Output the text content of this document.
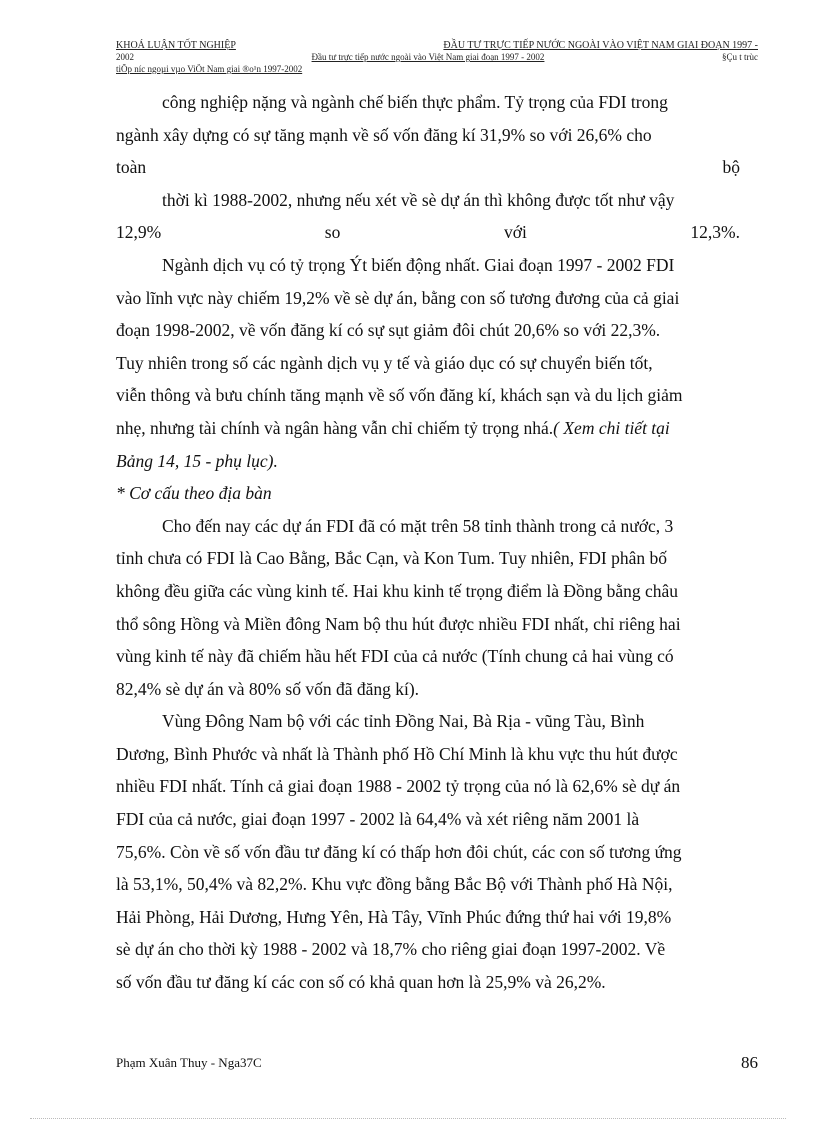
KHOÁ LUẬN TỐT NGHIỆP	ĐẦU TƯ TRỰC TIẾP NƯỚC NGOÀI VÀO VIỆT NAM GIAI ĐOẠN 1997 -
2002	Đầu tư trực tiếp nước ngoài vào Việt Nam giai đoạn 1997 - 2002	§Çu t trùc
tiÕp níc ngoµi vµo ViÖt Nam giai ®o¹n 1997-2002
công nghiệp nặng và ngành chế biến thực phẩm. Tỷ trọng của FDI trong
ngành xây dựng có sự tăng mạnh về số vốn đăng kí 31,9% so với 26,6% cho
toàn	bộ
thời kì 1988-2002, nhưng nếu xét về sè dự án thì không được tốt như vậy
12,9%	so	với	12,3%.
Ngành dịch vụ có tỷ trọng Ýt biến động nhất. Giai đoạn 1997 - 2002 FDI
vào lĩnh vực này chiếm 19,2% về sè dự án, bằng con số tương đương của cả giai
đoạn 1998-2002, về vốn đăng kí có sự sụt giảm đôi chút 20,6% so với 22,3%.
Tuy nhiên trong số các ngành dịch vụ y tế và giáo dục có sự chuyển biến tốt,
viễn thông và bưu chính tăng mạnh về số vốn đăng kí, khách sạn và du lịch giảm
nhẹ, nhưng tài chính và ngân hàng vẫn chỉ chiếm tỷ trọng nhá.( Xem chi tiết tại
Bảng 14, 15 - phụ lục).
* Cơ cấu theo địa bàn
Cho đến nay các dự án FDI đã có mặt trên 58 tỉnh thành trong cả nước, 3
tỉnh chưa có FDI là Cao Bằng, Bắc Cạn, và Kon Tum. Tuy nhiên, FDI phân bố
không đều giữa các vùng kinh tế. Hai khu kinh tế trọng điểm là Đồng bằng châu
thổ sông Hồng và Miền đông Nam bộ thu hút được nhiều FDI nhất, chỉ riêng hai
vùng kinh tế này đã chiếm hầu hết FDI của cả nước (Tính chung cả hai vùng có
82,4% sè dự án và 80% số vốn đã đăng kí).
Vùng Đông Nam bộ với các tỉnh Đồng Nai, Bà Rịa - vũng Tàu, Bình
Dương, Bình Phước và nhất là Thành phố Hồ Chí Minh là khu vực thu hút được
nhiều FDI nhất. Tính cả giai đoạn 1988 - 2002 tỷ trọng của nó là 62,6% sè dự án
FDI của cả nước, giai đoạn 1997 - 2002 là 64,4% và xét riêng năm 2001 là
75,6%. Còn về số vốn đầu tư đăng kí có thấp hơn đôi chút, các con số tương ứng
là 53,1%, 50,4% và 82,2%. Khu vực đồng bằng Bắc Bộ với Thành phố Hà Nội,
Hải Phòng, Hải Dương, Hưng Yên, Hà Tây, Vĩnh Phúc đứng thứ hai với 19,8%
sè dự án cho thời kỳ 1988 - 2002 và 18,7% cho riêng giai đoạn 1997-2002. Về
số vốn đầu tư đăng kí các con số có khả quan hơn là 25,9% và 26,2%.
Phạm Xuân Thuy - Nga37C	86
